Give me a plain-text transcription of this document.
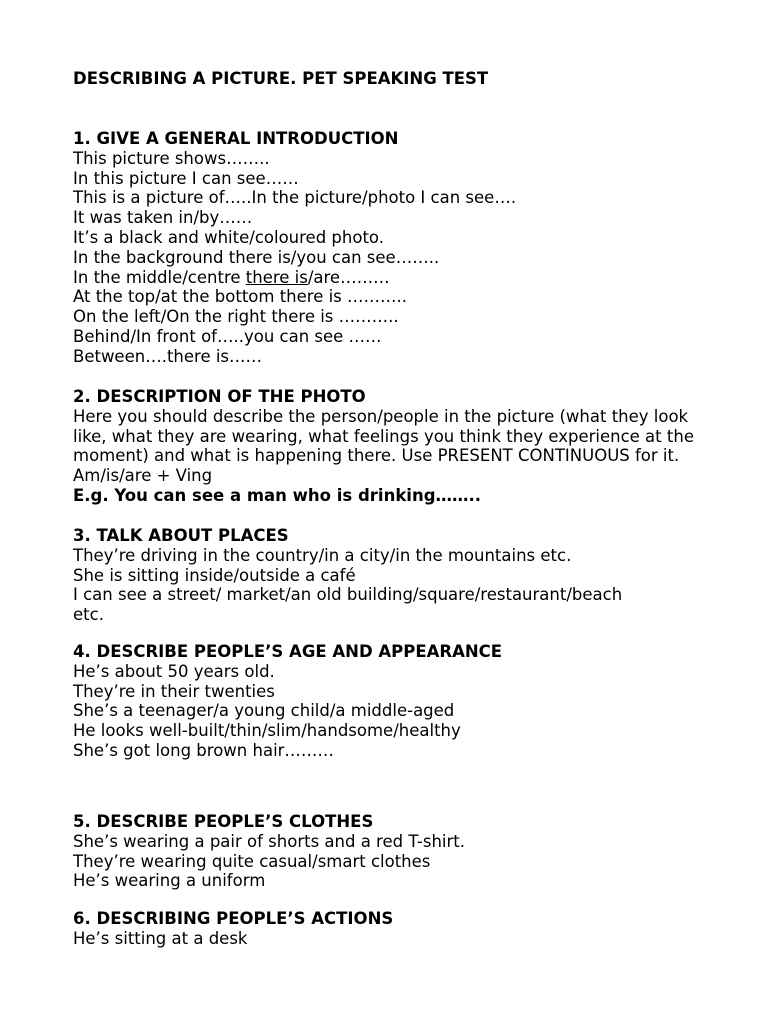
DESCRIBING A PICTURE. PET SPEAKING TEST

1. GIVE A GENERAL INTRODUCTION

This picture shows……..

In this picture I can see……

This is a picture of…..In the picture/photo I can see….

It was taken in/by……

It’s a black and white/coloured photo.

In the background there is/you can see……..

In the middle/centre there is/are………

At the top/at the bottom there is ………..

On the left/On the right there is ………..

Behind/In front of…..you can see ……

Between….there is……

2. DESCRIPTION OF THE PHOTO

Here you should describe the person/people in the picture (what they look like, what they are wearing, what feelings you think they experience at the moment) and what is happening there. Use PRESENT CONTINUOUS for it. Am/is/are + Ving

E.g. You can see a man who is drinking……..

3. TALK ABOUT PLACES

They’re driving in the country/in a city/in the mountains etc.

She is sitting inside/outside a café

I can see a street/ market/an old building/square/restaurant/beach

etc.

4. DESCRIBE PEOPLE’S AGE AND APPEARANCE

He’s about 50 years old.

They’re in their twenties

She’s a teenager/a young child/a middle-aged

He looks well-built/thin/slim/handsome/healthy

She’s got long brown hair………

5. DESCRIBE PEOPLE’S CLOTHES

She’s wearing a pair of shorts and a red T-shirt.

They’re wearing quite casual/smart clothes

He’s wearing a uniform

6. DESCRIBING PEOPLE’S ACTIONS

He’s sitting at a desk
